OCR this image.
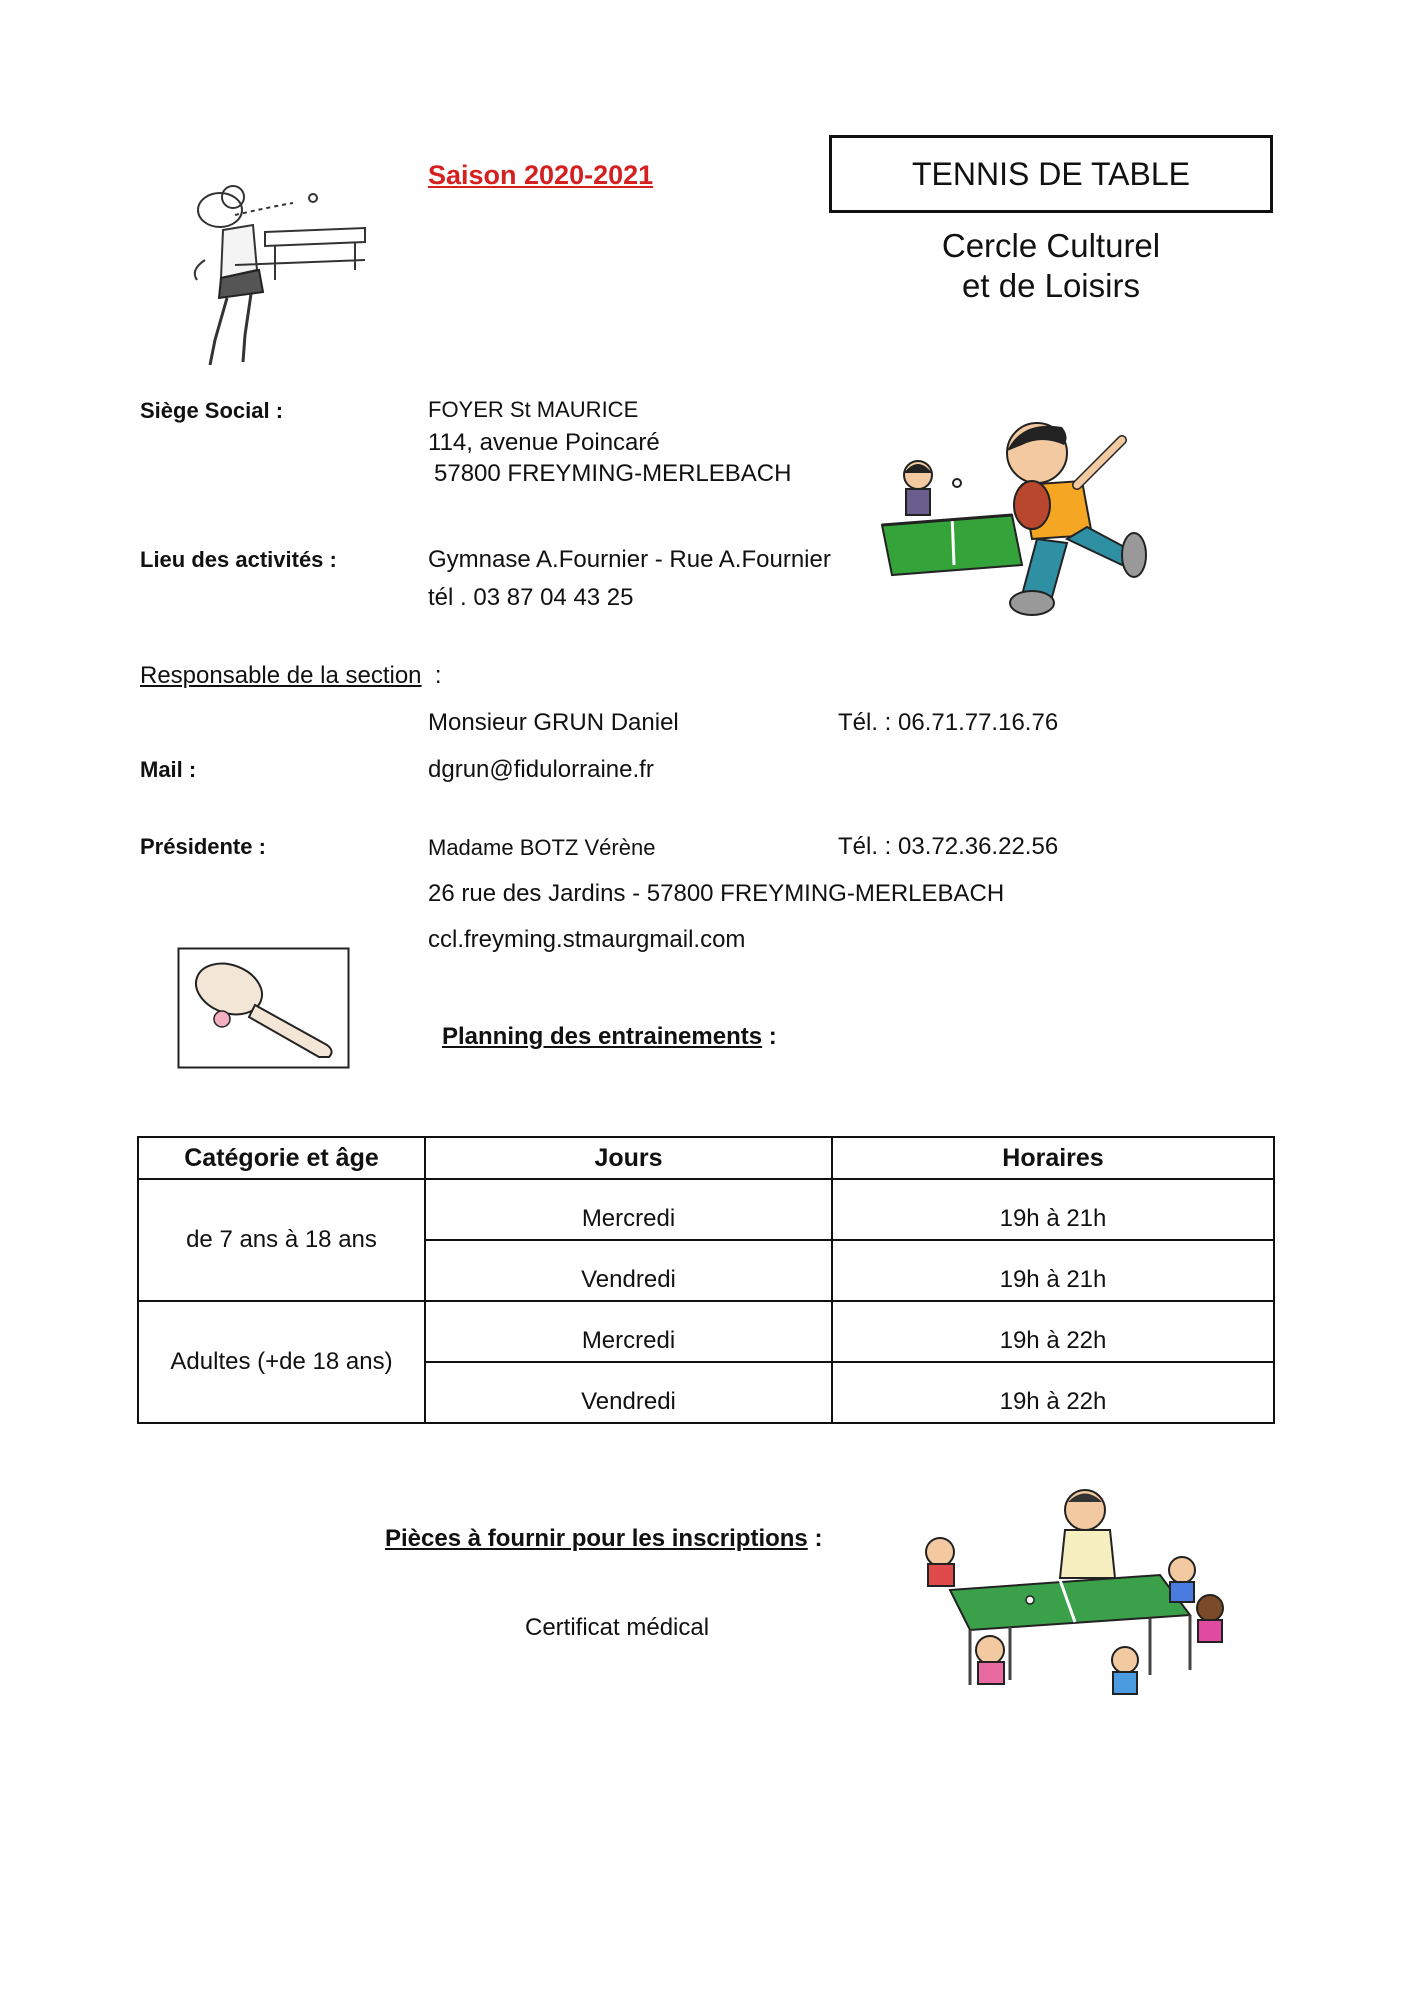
Saison 2020-2021	TENNIS DE TABLE
Cercle Culturel
et de Loisirs
Siège Social :	FOYER St MAURICE
114, avenue Poincaré
57800 FREYMING-MERLEBACH
Lieu des activités :	Gymnase A.Fournier - Rue A.Fournier
tél . 03 87 04 43 25
Responsable de la section :
Monsieur GRUN Daniel	Tél. : 06.71.77.16.76
Mail :	dgrun@fidulorraine.fr
Présidente :	Madame BOTZ Vérène	Tél. : 03.72.36.22.56
26 rue des Jardins - 57800 FREYMING-MERLEBACH
ccl.freyming.stmaurgmail.com
Planning des entrainements :
Catégorie et âge	Jours	Horaires
de 7 ans à 18 ans	Mercredi	19h à 21h

	Vendredi	19h à 21h

Adultes (+de 18 ans)	Mercredi	19h à 22h

	Vendredi	19h à 22h
Pièces à fournir pour les inscriptions :
Certificat médical
